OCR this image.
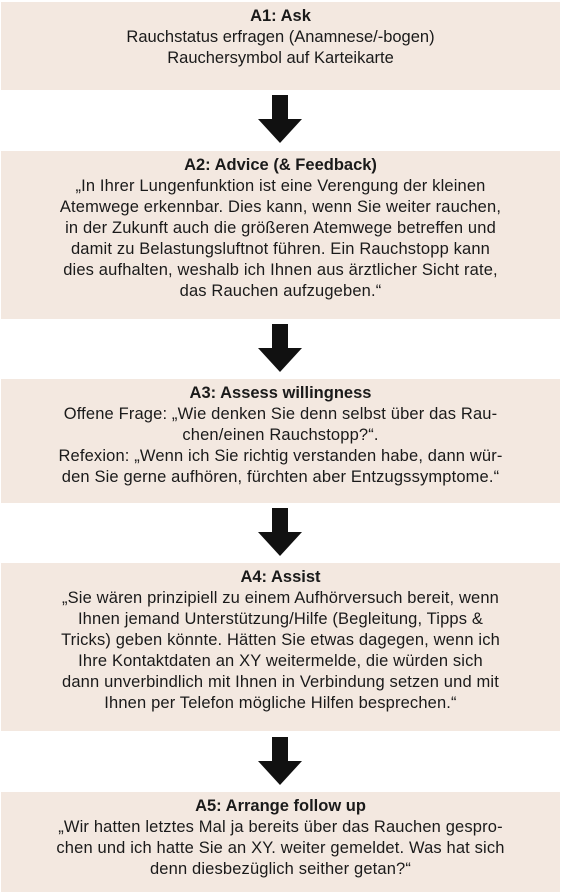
A1: Ask
Rauchstatus erfragen (Anamnese/-bogen)
Rauchersymbol auf Karteikarte
A2: Advice (& Feedback)
„In Ihrer Lungenfunktion ist eine Verengung der kleinen
Atemwege erkennbar. Dies kann, wenn Sie weiter rauchen,
in der Zukunft auch die größeren Atemwege betreffen und
damit zu Belastungsluftnot führen. Ein Rauchstopp kann
dies aufhalten, weshalb ich Ihnen aus ärztlicher Sicht rate,
das Rauchen aufzugeben.“
A3: Assess willingness
Offene Frage: „Wie denken Sie denn selbst über das Rau-
chen/einen Rauchstopp?“.
Refexion: „Wenn ich Sie richtig verstanden habe, dann wür-
den Sie gerne aufhören, fürchten aber Entzugssymptome.“
A4: Assist
„Sie wären prinzipiell zu einem Aufhörversuch bereit, wenn
Ihnen jemand Unterstützung/Hilfe (Begleitung, Tipps &
Tricks) geben könnte. Hätten Sie etwas dagegen, wenn ich
Ihre Kontaktdaten an XY weitermelde, die würden sich
dann unverbindlich mit Ihnen in Verbindung setzen und mit
Ihnen per Telefon mögliche Hilfen besprechen.“
A5: Arrange follow up
„Wir hatten letztes Mal ja bereits über das Rauchen gespro-
chen und ich hatte Sie an XY. weiter gemeldet. Was hat sich
denn diesbezüglich seither getan?“
